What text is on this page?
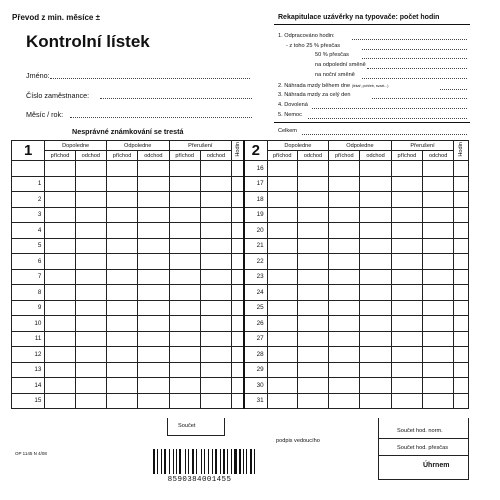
Převod z min. měsíce ±
Kontrolní lístek
Jméno:
Číslo zaměstnance:
Měsíc / rok:
Nesprávné známkování se trestá
Rekapitulace uzávěrky na typovače: počet hodin
1. Odpracováno hodin:
- z toho 25 % přesčas
50 % přesčas
na odpolední směně
na noční směně
2. Náhrada mzdy během dne (lékař, pohřeb, svazt...)
3. Náhrada mzdy za celý den
4. Dovolená
5. Nemoc
Celkem
1	Dopoledne		Odpoledne		Přerušení		Hodin	2	Dopoledne		Odpoledne		Přerušení		Hodin
	příchod	odchod	příchod	odchod	příchod	odchod			příchod	odchod	příchod	odchod	příchod	odchod	
								16							
1								17							
2								18							
3								19							
4								20							
5								21							
6								22							
7								23							
8								24							
9								25							
10								26							
11								27							
12								28							
13								29							
14								30							
15								31							
Součet
Součet hod. norm.
Součet hod. přesčas
Úhrnem
podpis vedoucího
OP 1145 N 4/08
8590384001455
